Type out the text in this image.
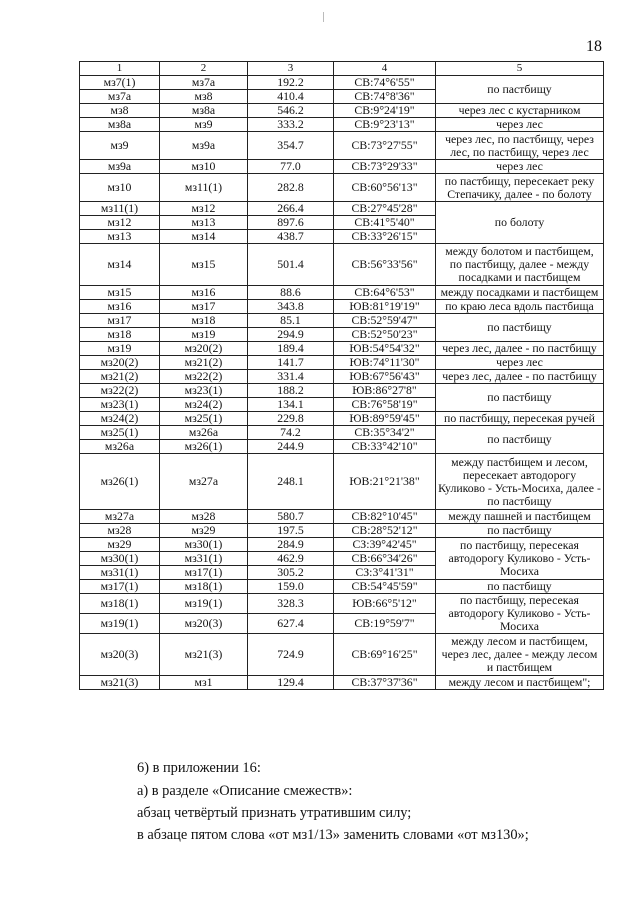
18
1	2	3	4	5
мз7(1)	мз7а	192.2	СВ:74°6'55"	по пастбищу
мз7а	мз8	410.4	СВ:74°8'36"	
мз8	мз8а	546.2	СВ:9°24'19"	через лес с кустарником
мз8а	мз9	333.2	СВ:9°23'13"	через лес
мз9	мз9а	354.7	СВ:73°27'55"	через лес, по пастбищу, через лес, по пастбищу, через лес
мз9а	мз10	77.0	СВ:73°29'33"	через лес
мз10	мз11(1)	282.8	СВ:60°56'13"	по пастбищу, пересекает реку Степачику, далее - по болоту
мз11(1)	мз12	266.4	СВ:27°45'28"	по болоту
мз12	мз13	897.6	СВ:41°5'40"	
мз13	мз14	438.7	СВ:33°26'15"	
мз14	мз15	501.4	СВ:56°33'56"	между болотом и пастбищем, по пастбищу, далее - между посадками и пастбищем
мз15	мз16	88.6	СВ:64°6'53"	между посадками и пастбищем
мз16	мз17	343.8	ЮВ:81°19'19"	по краю леса вдоль пастбища
мз17	мз18	85.1	СВ:52°59'47"	по пастбищу
мз18	мз19	294.9	СВ:52°50'23"	
мз19	мз20(2)	189.4	ЮВ:54°54'32"	через лес, далее - по пастбищу
мз20(2)	мз21(2)	141.7	ЮВ:74°11'30"	через лес
мз21(2)	мз22(2)	331.4	ЮВ:67°56'43"	через лес, далее - по пастбищу
мз22(2)	мз23(1)	188.2	ЮВ:86°27'8"	по пастбищу
мз23(1)	мз24(2)	134.1	СВ:76°58'19"	
мз24(2)	мз25(1)	229.8	ЮВ:89°59'45"	по пастбищу, пересекая ручей
мз25(1)	мз26а	74.2	СВ:35°34'2"	по пастбищу
мз26а	мз26(1)	244.9	СВ:33°42'10"	
мз26(1)	мз27а	248.1	ЮВ:21°21'38"	между пастбищем и лесом, пересекает автодорогу Куликово - Усть-Мосиха, далее - по пастбищу
мз27а	мз28	580.7	СВ:82°10'45"	между пашней и пастбищем
мз28	мз29	197.5	СВ:28°52'12"	по пастбищу
мз29	мз30(1)	284.9	СЗ:39°42'45"	по пастбищу, пересекая автодорогу Куликово - Усть-Мосиха
мз30(1)	мз31(1)	462.9	СВ:66°34'26"	
мз31(1)	мз17(1)	305.2	СЗ:3°41'31"	
мз17(1)	мз18(1)	159.0	СВ:54°45'59"	по пастбищу
мз18(1)	мз19(1)	328.3	ЮВ:66°5'12"	по пастбищу, пересекая автодорогу Куликово - Усть-Мосиха
мз19(1)	мз20(3)	627.4	СВ:19°59'7"	
мз20(3)	мз21(3)	724.9	СВ:69°16'25"	между лесом и пастбищем, через лес, далее - между лесом и пастбищем
мз21(3)	мз1	129.4	СВ:37°37'36"	между лесом и пастбищем";
6) в приложении 16:
а) в разделе «Описание смежеств»:
абзац четвёртый признать утратившим силу;
в абзаце пятом слова «от мз1/13» заменить словами «от мз130»;
